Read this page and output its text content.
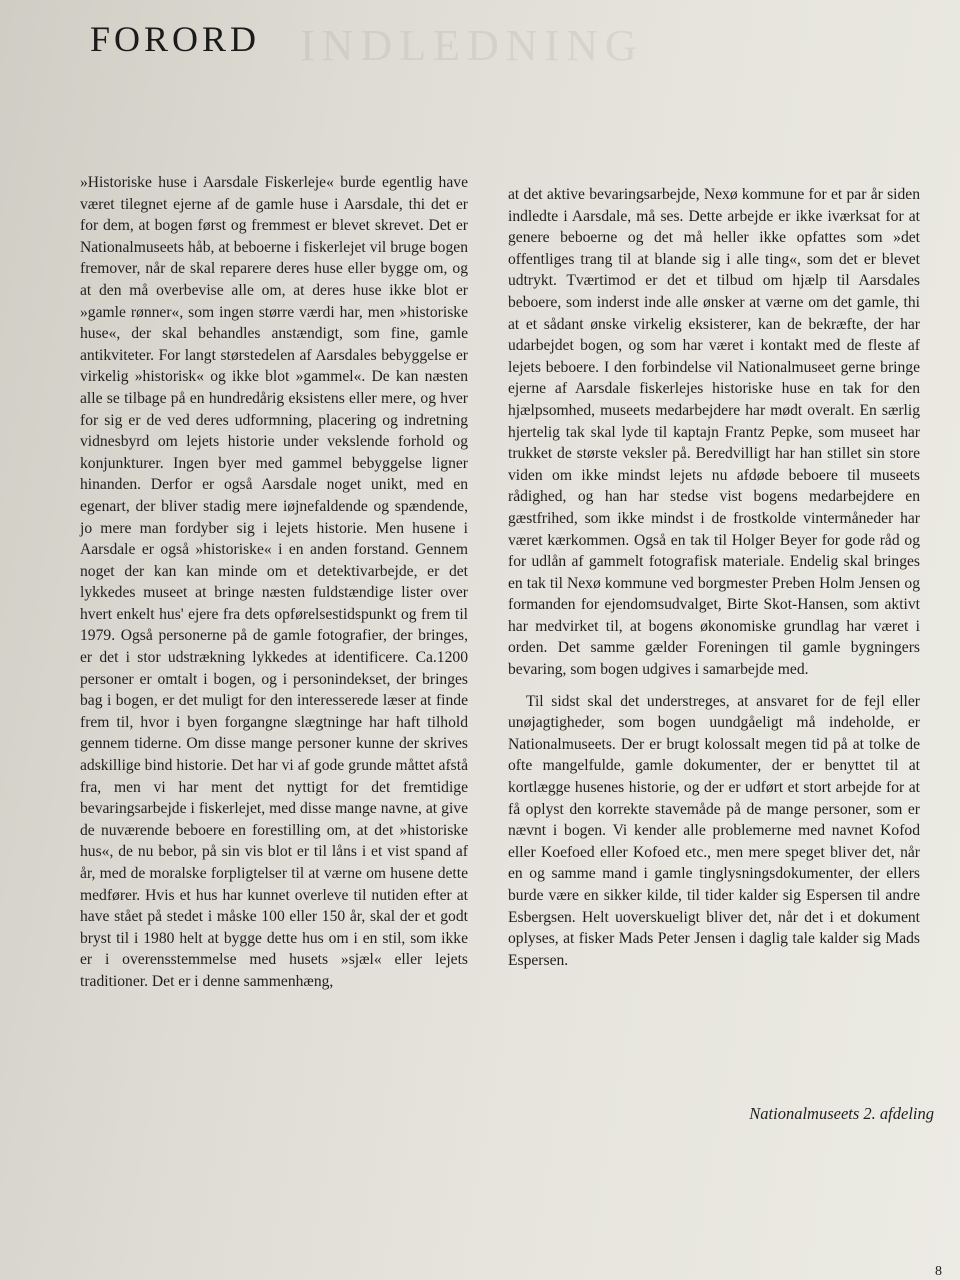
INDLEDNING
FORORD

»Historiske huse i Aarsdale Fiskerleje« burde egentlig have været tilegnet ejerne af de gamle huse i Aarsdale, thi det er for dem, at bogen først og fremmest er blevet skrevet. Det er Nationalmuseets håb, at beboerne i fiskerlejet vil bruge bogen fremover, når de skal reparere deres huse eller bygge om, og at den må overbevise alle om, at deres huse ikke blot er »gamle rønner«, som ingen større værdi har, men »historiske huse«, der skal behandles anstændigt, som fine, gamle antikviteter. For langt størstedelen af Aarsdales bebyggelse er virkelig »historisk« og ikke blot »gammel«. De kan næsten alle se tilbage på en hundredårig eksistens eller mere, og hver for sig er de ved deres udformning, placering og indretning vidnesbyrd om lejets historie under vekslende forhold og konjunkturer. Ingen byer med gammel bebyggelse ligner hinanden. Derfor er også Aarsdale noget unikt, med en egenart, der bliver stadig mere iøjnefaldende og spændende, jo mere man fordyber sig i lejets historie. Men husene i Aarsdale er også »historiske« i en anden forstand. Gennem noget der kan kan minde om et detektivarbejde, er det lykkedes museet at bringe næsten fuldstændige lister over hvert enkelt hus' ejere fra dets opførelsestidspunkt og frem til 1979. Også personerne på de gamle fotografier, der bringes, er det i stor udstrækning lykkedes at identificere. Ca.1200 personer er omtalt i bogen, og i personindekset, der bringes bag i bogen, er det muligt for den interesserede læser at finde frem til, hvor i byen forgangne slægtninge har haft tilhold gennem tiderne. Om disse mange personer kunne der skrives adskillige bind historie. Det har vi af gode grunde måttet afstå fra, men vi har ment det nyttigt for det fremtidige bevaringsarbejde i fiskerlejet, med disse mange navne, at give de nuværende beboere en forestilling om, at det »historiske hus«, de nu bebor, på sin vis blot er til låns i et vist spand af år, med de moralske forpligtelser til at værne om husene dette medfører. Hvis et hus har kunnet overleve til nutiden efter at have stået på stedet i måske 100 eller 150 år, skal der et godt bryst til i 1980 helt at bygge dette hus om i en stil, som ikke er i overensstemmelse med husets »sjæl« eller lejets traditioner. Det er i denne sammenhæng,

at det aktive bevaringsarbejde, Nexø kommune for et par år siden indledte i Aarsdale, må ses. Dette arbejde er ikke iværksat for at genere beboerne og det må heller ikke opfattes som »det offentliges trang til at blande sig i alle ting«, som det er blevet udtrykt. Tværtimod er det et tilbud om hjælp til Aarsdales beboere, som inderst inde alle ønsker at værne om det gamle, thi at et sådant ønske virkelig eksisterer, kan de bekræfte, der har udarbejdet bogen, og som har været i kontakt med de fleste af lejets beboere. I den forbindelse vil Nationalmuseet gerne bringe ejerne af Aarsdale fiskerlejes historiske huse en tak for den hjælpsomhed, museets medarbejdere har mødt overalt. En særlig hjertelig tak skal lyde til kaptajn Frantz Pepke, som museet har trukket de største veksler på. Beredvilligt har han stillet sin store viden om ikke mindst lejets nu afdøde beboere til museets rådighed, og han har stedse vist bogens medarbejdere en gæstfrihed, som ikke mindst i de frostkolde vintermåneder har været kærkommen. Også en tak til Holger Beyer for gode råd og for udlån af gammelt fotografisk materiale. Endelig skal bringes en tak til Nexø kommune ved borgmester Preben Holm Jensen og formanden for ejendomsudvalget, Birte Skot-Hansen, som aktivt har medvirket til, at bogens økonomiske grundlag har været i orden. Det samme gælder Foreningen til gamle bygningers bevaring, som bogen udgives i samarbejde med.

Til sidst skal det understreges, at ansvaret for de fejl eller unøjagtigheder, som bogen uundgåeligt må indeholde, er Nationalmuseets. Der er brugt kolossalt megen tid på at tolke de ofte mangelfulde, gamle dokumenter, der er benyttet til at kortlægge husenes historie, og der er udført et stort arbejde for at få oplyst den korrekte stavemåde på de mange personer, som er nævnt i bogen. Vi kender alle problemerne med navnet Kofod eller Koefoed eller Kofoed etc., men mere speget bliver det, når en og samme mand i gamle tinglysningsdokumenter, der ellers burde være en sikker kilde, til tider kalder sig Espersen til andre Esbergsen. Helt uoverskueligt bliver det, når det i et dokument oplyses, at fisker Mads Peter Jensen i daglig tale kalder sig Mads Espersen.

Nationalmuseets 2. afdeling
8
